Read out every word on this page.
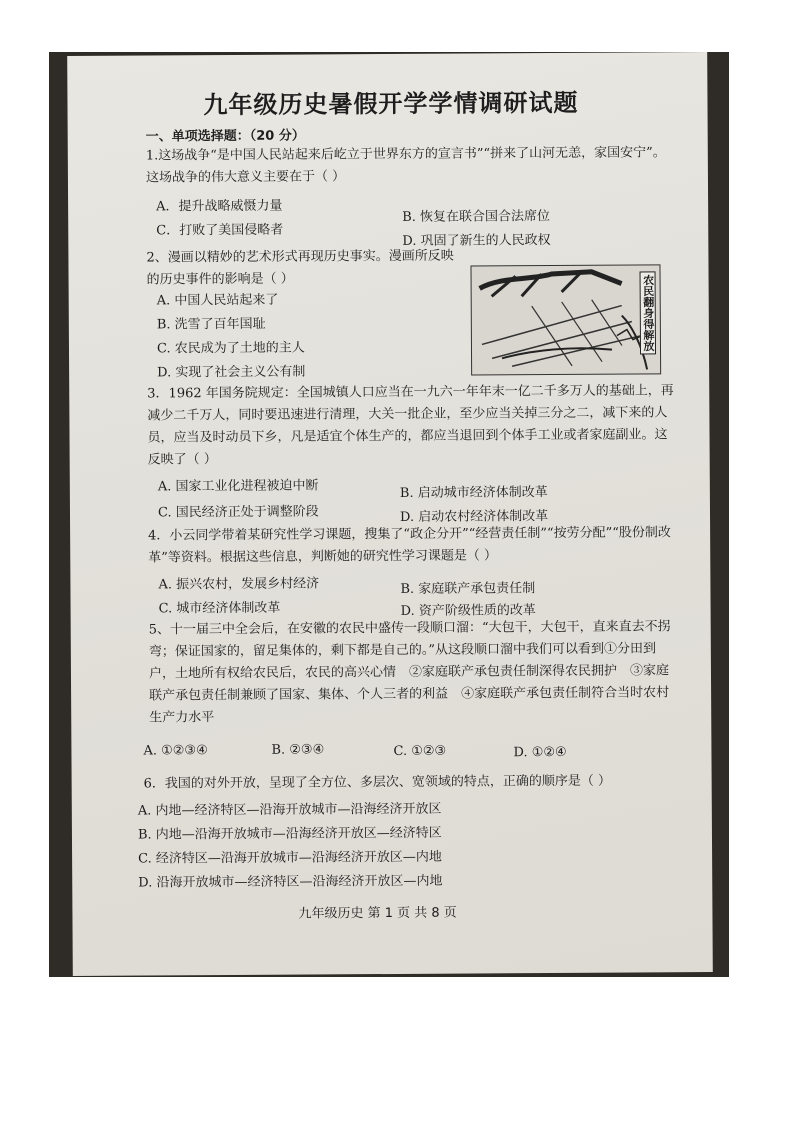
九年级历史暑假开学学情调研试题
一、单项选择题：（20 分）
1.这场战争“是中国人民站起来后屹立于世界东方的宣言书”“拼来了山河无恙，家国安宁”。这场战争的伟大意义主要在于（ ）
A．提升战略威慑力量
B. 恢复在联合国合法席位
C．打败了美国侵略者
D. 巩固了新生的人民政权
2、漫画以精妙的艺术形式再现历史事实。漫画所反映的历史事件的影响是（ ）
A. 中国人民站起来了
B. 洗雪了百年国耻
C. 农民成为了土地的主人
D. 实现了社会主义公有制
农民翻身得解放
3．1962 年国务院规定：全国城镇人口应当在一九六一年年末一亿二千多万人的基础上，再减少二千万人，同时要迅速进行清理，大关一批企业，至少应当关掉三分之二，减下来的人员，应当及时动员下乡，凡是适宜个体生产的，都应当退回到个体手工业或者家庭副业。这反映了（ ）
A. 国家工业化进程被迫中断	B. 启动城市经济体制改革
C. 国民经济正处于调整阶段	D. 启动农村经济体制改革
4．小云同学带着某研究性学习课题，搜集了“政企分开”“经营责任制”“按劳分配”“股份制改革”等资料。根据这些信息，判断她的研究性学习课题是（ ）
A. 振兴农村，发展乡村经济	B. 家庭联产承包责任制
C. 城市经济体制改革	D. 资产阶级性质的改革
5、十一届三中全会后，在安徽的农民中盛传一段顺口溜：“大包干，大包干，直来直去不拐弯；保证国家的，留足集体的，剩下都是自己的。”从这段顺口溜中我们可以看到①分田到户，土地所有权给农民后，农民的高兴心情　②家庭联产承包责任制深得农民拥护　③家庭联产承包责任制兼顾了国家、集体、个人三者的利益　④家庭联产承包责任制符合当时农村生产力水平
A. ①②③④	B. ②③④	C. ①②③	D. ①②④
6．我国的对外开放，呈现了全方位、多层次、宽领域的特点，正确的顺序是（ ）
A. 内地—经济特区—沿海开放城市—沿海经济开放区
B. 内地—沿海开放城市—沿海经济开放区—经济特区
C. 经济特区—沿海开放城市—沿海经济开放区—内地
D. 沿海开放城市—经济特区—沿海经济开放区—内地
九年级历史 第 1 页 共 8 页
